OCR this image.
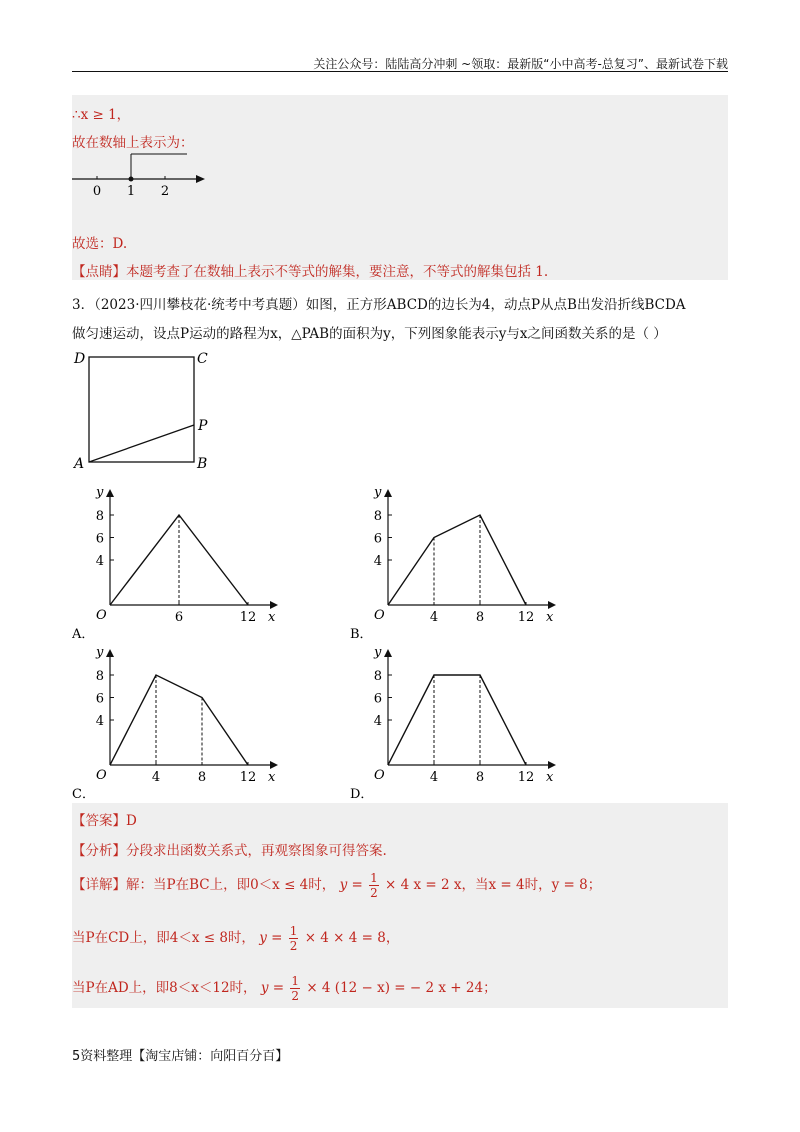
关注公众号：陆陆高分冲刺 ~领取：最新版“小中高考-总复习”、最新试卷下载
∴x ≥ 1，
故在数轴上表示为：
0 1 2
故选：D.
【点睛】本题考查了在数轴上表示不等式的解集，要注意，不等式的解集包括 1.
3．（2023·四川攀枝花·统考中考真题）如图，正方形ABCD的边长为4，动点P从点B出发沿折线BCDA
做匀速运动，设点P运动的路程为x，△PAB的面积为y，下列图象能表示y与x之间函数关系的是（ ）
D	C
P
A	B
y
x
O
4
6
8
6	12
A．
y
x
O
4
6
8
4	8	12
B．
y
x
O
4
6
8
4	8	12
C．
y
x
O
4
6
8
4	8	12
D．
【答案】D
【分析】分段求出函数关系式，再观察图象可得答案.
【详解】解：当P在BC上，即0＜x ≤ 4时， $y = \frac{1}{2} \times 4$ x = 2 x，当x = 4时，y = 8；
当P在CD上，即4＜x ≤ 8时， $y = \frac{1}{2} \times 4 \times 4 = 8$，
当P在AD上，即8＜x＜12时， $y = \frac{1}{2} \times 4$ (12 − x) = − 2 x + 24；
5资料整理【淘宝店铺：向阳百分百】
